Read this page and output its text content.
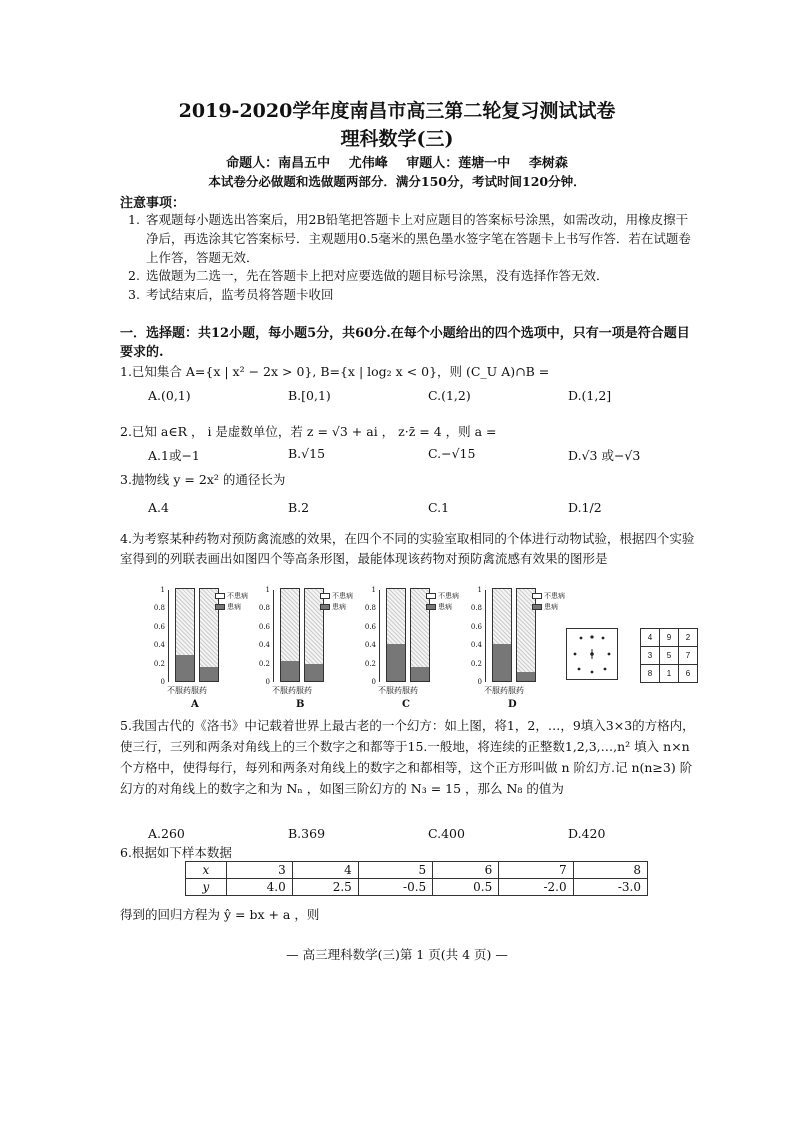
2019-2020学年度南昌市高三第二轮复习测试试卷
理科数学(三)
命题人：南昌五中 尤伟峰 审题人：莲塘一中 李树森
本试卷分必做题和选做题两部分．满分150分，考试时间120分钟．
注意事项：
1. 客观题每小题选出答案后，用2B铅笔把答题卡上对应题目的答案标号涂黑，如需改动，用橡皮擦干净后，再选涂其它答案标号．主观题用0.5毫米的黑色墨水签字笔在答题卡上书写作答．若在试题卷上作答，答题无效．
2. 选做题为二选一，先在答题卡上把对应要选做的题目标号涂黑，没有选择作答无效．
3. 考试结束后，监考员将答题卡收回
一．选择题：共12小题，每小题5分，共60分.在每个小题给出的四个选项中，只有一项是符合题目要求的.
1.已知集合 A={x | x² − 2x > 0}, B={x | log₂ x < 0}，则 (C_U A)∩B =
A.(0,1)	B.[0,1)	C.(1,2)	D.(1,2]
2.已知 a∈R ， i 是虚数单位，若 z = √3 + ai ， z·z̄ = 4 ，则 a =
A.1或−1	B.√15	C.−√15	D.√3 或−√3
3.抛物线 y = 2x² 的通径长为
A.4	B.2	C.1	D.1/2
4.为考察某种药物对预防禽流感的效果，在四个不同的实验室取相同的个体进行动物试验，根据四个实验室得到的列联表画出如图四个等高条形图，最能体现该药物对预防禽流感有效果的图形是
1
0.8
0.6
0.4
0.2
0
不服药 服药
不患病
患病
A
1
0.8
0.6
0.4
0.2
0
不服药 服药
不患病
患病
B
1
0.8
0.6
0.4
0.2
0
不服药 服药
不患病
患病
C
1
0.8
0.6
0.4
0.2
0
不服药 服药
不患病
患病
D
4	9	2
3	5	7
8	1	6
5.我国古代的《洛书》中记载着世界上最古老的一个幻方：如上图，将1，2，…，9填入3×3的方格内，使三行，三列和两条对角线上的三个数字之和都等于15.一般地，将连续的正整数1,2,3,…,n² 填入 n×n 个方格中，使得每行，每列和两条对角线上的数字之和都相等，这个正方形叫做 n 阶幻方.记 n(n≥3) 阶幻方的对角线上的数字之和为 Nₙ ，如图三阶幻方的 N₃ = 15 ，那么 N₈ 的值为
A.260	B.369	C.400	D.420
6.根据如下样本数据
x	3	4	5	6	7	8
y	4.0	2.5	-0.5	0.5	-2.0	-3.0
得到的回归方程为 ŷ = bx + a ，则
— 高三理科数学(三)第 1 页(共 4 页) —
